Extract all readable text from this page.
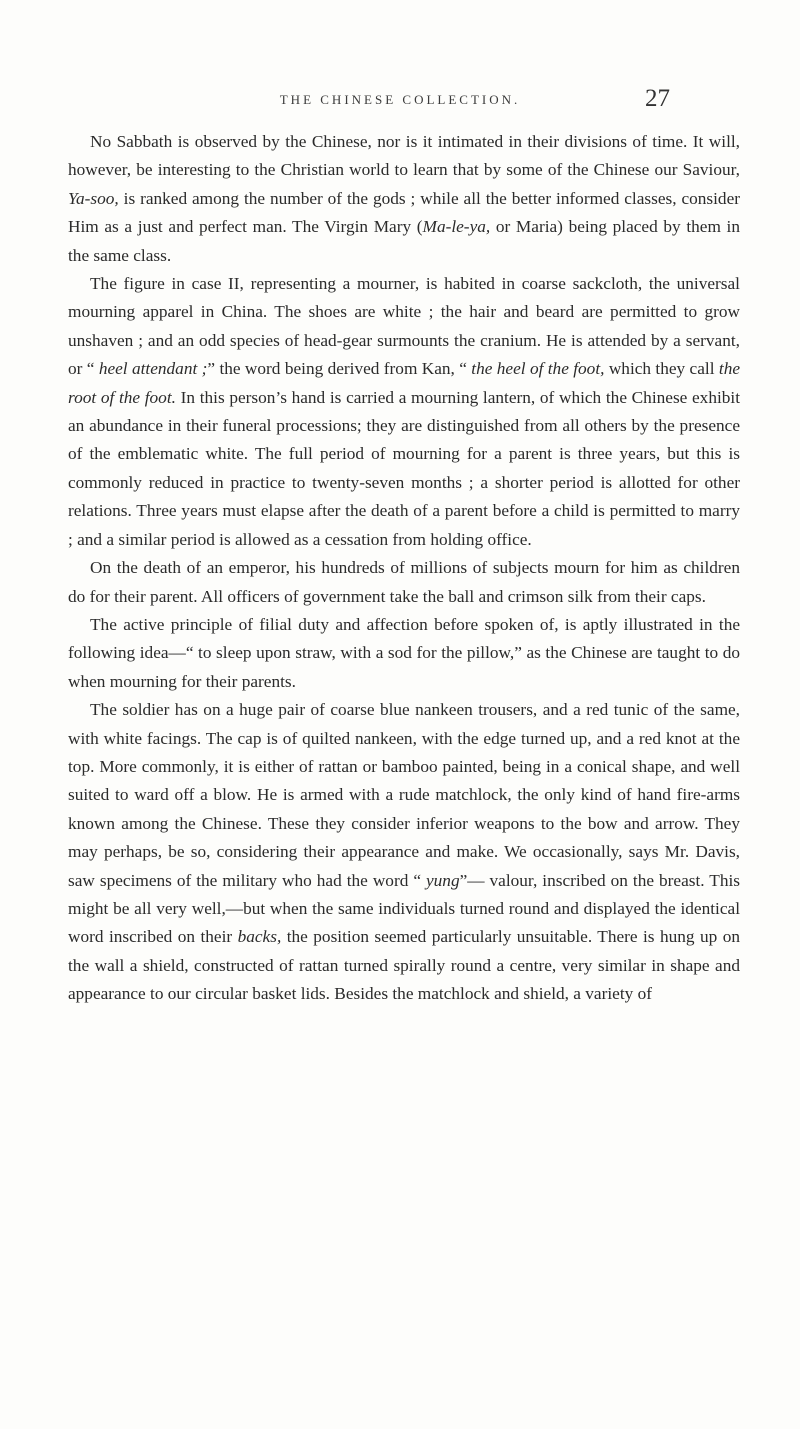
THE CHINESE COLLECTION.	27

No Sabbath is observed by the Chinese, nor is it intimated in their divisions of time. It will, however, be interesting to the Christian world to learn that by some of the Chinese our Saviour, Ya-soo, is ranked among the number of the gods ; while all the better informed classes, consider Him as a just and perfect man. The Virgin Mary (Ma-le-ya, or Maria) being placed by them in the same class.

The figure in case II, representing a mourner, is habited in coarse sackcloth, the universal mourning apparel in China. The shoes are white ; the hair and beard are permitted to grow unshaven ; and an odd species of head-gear surmounts the cranium. He is attended by a servant, or “ heel attendant ;” the word being derived from Kan, “ the heel of the foot, which they call the root of the foot. In this person’s hand is carried a mourning lantern, of which the Chinese exhibit an abundance in their funeral processions; they are distinguished from all others by the presence of the emblematic white. The full period of mourning for a parent is three years, but this is commonly reduced in practice to twenty-seven months ; a shorter period is allotted for other relations. Three years must elapse after the death of a parent before a child is permitted to marry ; and a similar period is allowed as a cessation from holding office.

On the death of an emperor, his hundreds of millions of subjects mourn for him as children do for their parent. All officers of government take the ball and crimson silk from their caps.

The active principle of filial duty and affection before spoken of, is aptly illustrated in the following idea—“ to sleep upon straw, with a sod for the pillow,” as the Chinese are taught to do when mourning for their parents.

The soldier has on a huge pair of coarse blue nankeen trousers, and a red tunic of the same, with white facings. The cap is of quilted nankeen, with the edge turned up, and a red knot at the top. More commonly, it is either of rattan or bamboo painted, being in a conical shape, and well suited to ward off a blow. He is armed with a rude matchlock, the only kind of hand fire-arms known among the Chinese. These they consider inferior weapons to the bow and arrow. They may perhaps, be so, considering their appearance and make. We occasionally, says Mr. Davis, saw specimens of the military who had the word “ yung”— valour, inscribed on the breast. This might be all very well,—but when the same individuals turned round and displayed the identical word inscribed on their backs, the position seemed particularly unsuitable. There is hung up on the wall a shield, constructed of rattan turned spirally round a centre, very similar in shape and appearance to our circular basket lids. Besides the matchlock and shield, a variety of
